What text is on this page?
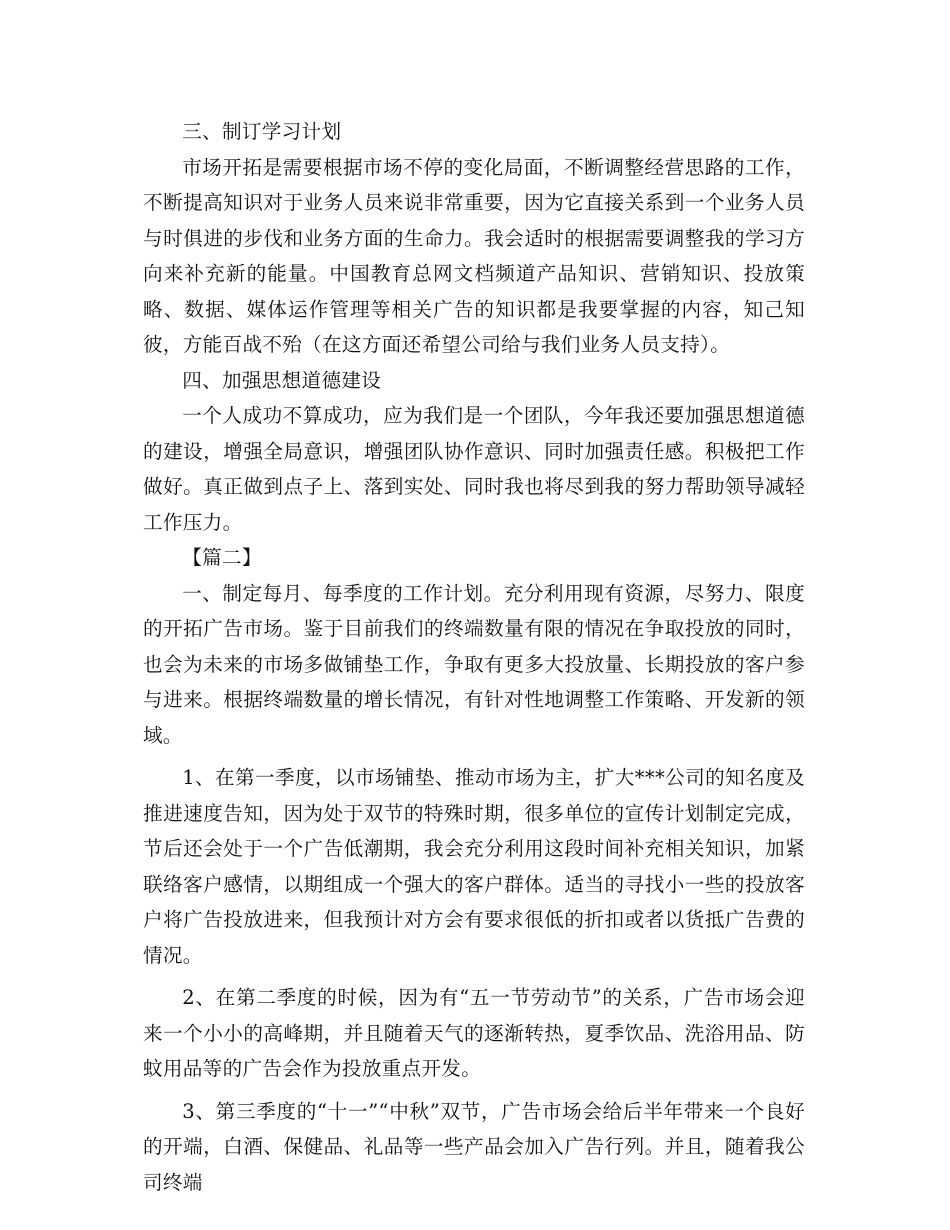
三、制订学习计划

市场开拓是需要根据市场不停的变化局面，不断调整经营思路的工作，不断提高知识对于业务人员来说非常重要，因为它直接关系到一个业务人员与时俱进的步伐和业务方面的生命力。我会适时的根据需要调整我的学习方向来补充新的能量。中国教育总网文档频道产品知识、营销知识、投放策略、数据、媒体运作管理等相关广告的知识都是我要掌握的内容，知己知彼，方能百战不殆（在这方面还希望公司给与我们业务人员支持）。

四、加强思想道德建设

一个人成功不算成功，应为我们是一个团队，今年我还要加强思想道德的建设，增强全局意识，增强团队协作意识、同时加强责任感。积极把工作做好。真正做到点子上、落到实处、同时我也将尽到我的努力帮助领导减轻工作压力。

【篇二】

一、制定每月、每季度的工作计划。充分利用现有资源，尽努力、限度的开拓广告市场。鉴于目前我们的终端数量有限的情况在争取投放的同时，也会为未来的市场多做铺垫工作，争取有更多大投放量、长期投放的客户参与进来。根据终端数量的增长情况，有针对性地调整工作策略、开发新的领域。

1、在第一季度，以市场铺垫、推动市场为主，扩大***公司的知名度及推进速度告知，因为处于双节的特殊时期，很多单位的宣传计划制定完成，节后还会处于一个广告低潮期，我会充分利用这段时间补充相关知识，加紧联络客户感情，以期组成一个强大的客户群体。适当的寻找小一些的投放客户将广告投放进来，但我预计对方会有要求很低的折扣或者以货抵广告费的情况。

2、在第二季度的时候，因为有“五一节劳动节”的关系，广告市场会迎来一个小小的高峰期，并且随着天气的逐渐转热，夏季饮品、洗浴用品、防蚊用品等的广告会作为投放重点开发。

3、第三季度的“十一”“中秋”双节，广告市场会给后半年带来一个良好的开端，白酒、保健品、礼品等一些产品会加入广告行列。并且，随着我公司终端
